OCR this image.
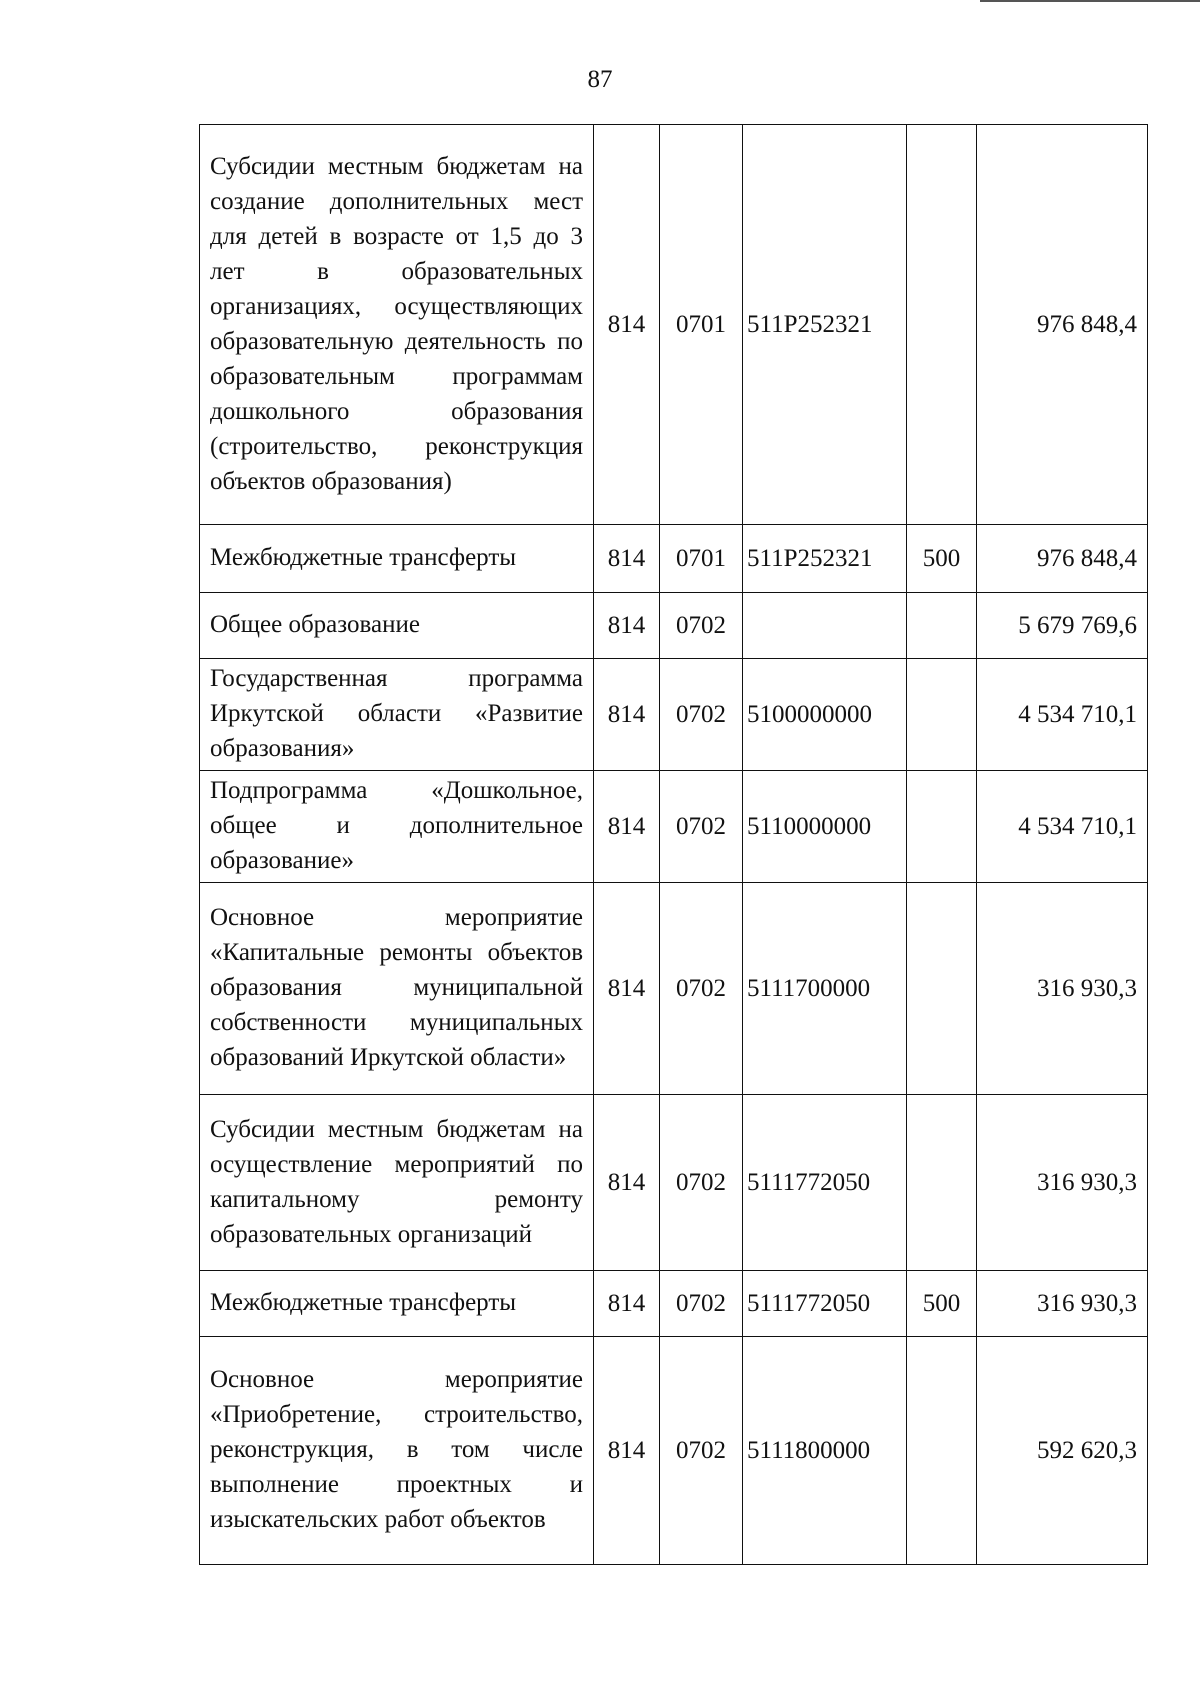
87
Субсидии местным бюджетам на создание дополнительных мест для детей в возрасте от 1,5 до 3 лет в образовательных организациях, осуществляющих образовательную деятельность по образовательным программам дошкольного образования (строительство, реконструкция объектов образования)	814	0701	511P252321		976 848,4
Межбюджетные трансферты	814	0701	511P252321	500	976 848,4
Общее образование	814	0702			5 679 769,6
Государственная программа Иркутской области «Развитие образования»	814	0702	5100000000		4 534 710,1
Подпрограмма «Дошкольное, общее и дополнительное образование»	814	0702	5110000000		4 534 710,1
Основное мероприятие «Капитальные ремонты объектов образования муниципальной собственности муниципальных образований Иркутской области»	814	0702	5111700000		316 930,3
Субсидии местным бюджетам на осуществление мероприятий по капитальному ремонту образовательных организаций	814	0702	5111772050		316 930,3
Межбюджетные трансферты	814	0702	5111772050	500	316 930,3
Основное мероприятие «Приобретение, строительство, реконструкция, в том числе выполнение проектных и изыскательских работ объектов	814	0702	5111800000		592 620,3
